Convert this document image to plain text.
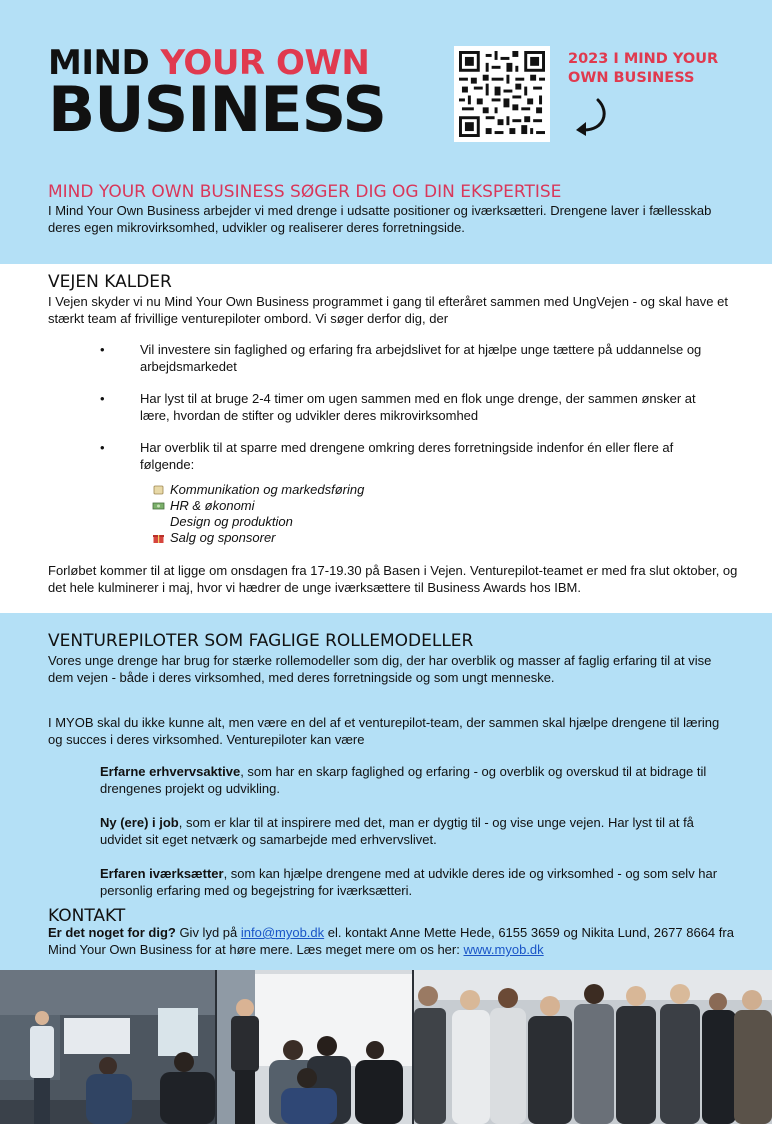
MIND YOUR OWN
BUSINESS
2023 I MIND YOUR OWN BUSINESS
MIND YOUR OWN BUSINESS SØGER DIG OG DIN EKSPERTISE
I Mind Your Own Business arbejder vi med drenge i udsatte positioner og iværksætteri. Drengene laver i fællesskab deres egen mikrovirksomhed, udvikler og realiserer deres forretningside.
VEJEN KALDER
I Vejen skyder vi nu Mind Your Own Business programmet i gang til efteråret sammen med UngVejen - og skal have et stærkt team af frivillige venturepiloter ombord. Vi søger derfor dig, der
•	Vil investere sin faglighed og erfaring fra arbejdslivet for at hjælpe unge tættere på uddannelse og arbejdsmarkedet
•	Har lyst til at bruge 2-4 timer om ugen sammen med en flok unge drenge, der sammen ønsker at lære, hvordan de stifter og udvikler deres mikrovirksomhed
•	Har overblik til at sparre med drengene omkring deres forretningside indenfor én eller flere af følgende:
Kommunikation og markedsføring
HR & økonomi
Design og produktion
Salg og sponsorer
Forløbet kommer til at ligge om onsdagen fra 17-19.30 på Basen i Vejen. Venturepilot-teamet er med fra slut oktober, og det hele kulminerer i maj, hvor vi hædrer de unge iværksættere til Business Awards hos IBM.
VENTUREPILOTER SOM FAGLIGE ROLLEMODELLER
Vores unge drenge har brug for stærke rollemodeller som dig, der har overblik og masser af faglig erfaring til at vise dem vejen - både i deres virksomhed, med deres forretningside og som ungt menneske.
I MYOB skal du ikke kunne alt, men være en del af et venturepilot-team, der sammen skal hjælpe drengene til læring og succes i deres virksomhed. Venturepiloter kan være
Erfarne erhvervsaktive, som har en skarp faglighed og erfaring - og overblik og overskud til at bidrage til drengenes projekt og udvikling.
Ny (ere) i job, som er klar til at inspirere med det, man er dygtig til - og vise unge vejen. Har lyst til at få udvidet sit eget netværk og samarbejde med erhvervslivet.
Erfaren iværksætter, som kan hjælpe drengene med at udvikle deres ide og virksomhed - og som selv har personlig erfaring med og begejstring for iværksætteri.
KONTAKT
Er det noget for dig? Giv lyd på info@myob.dk el. kontakt Anne Mette Hede, 6155 3659 og Nikita Lund, 2677 8664 fra Mind Your Own Business for at høre mere. Læs meget mere om os her: www.myob.dk
